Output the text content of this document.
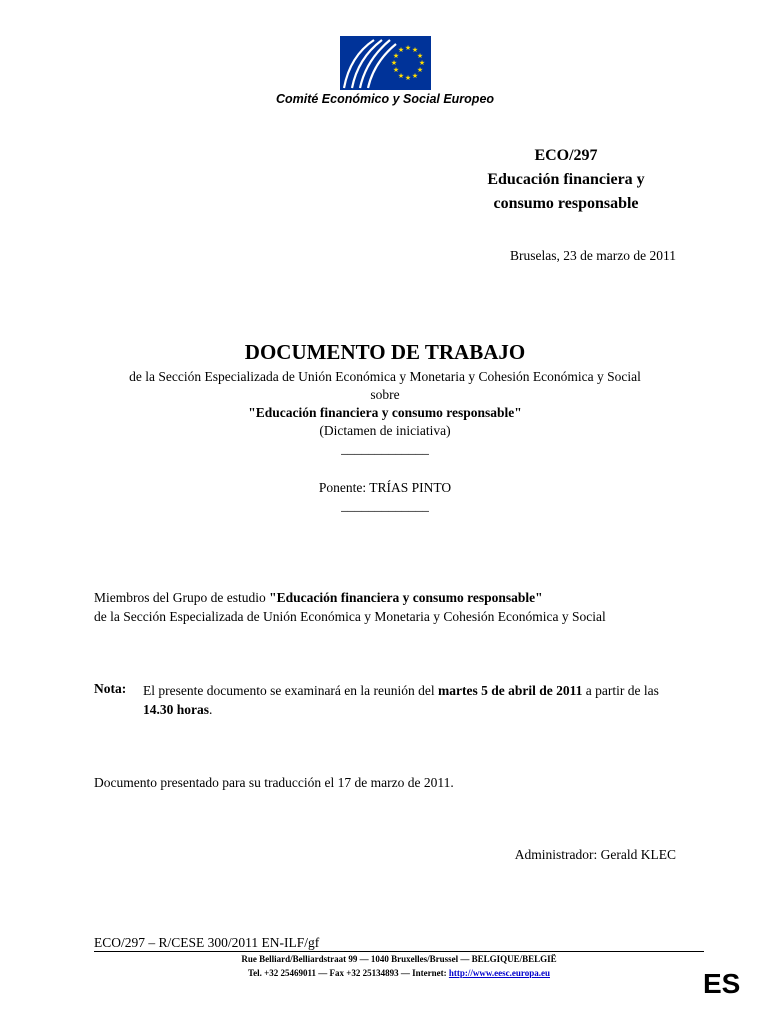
★ ★
★
★
★
★
★
★
★
★
★
★
Comité Económico y Social Europeo
ECO/297
Educación financiera y
consumo responsable
Bruselas, 23 de marzo de 2011
DOCUMENTO DE TRABAJO
de la Sección Especializada de Unión Económica y Monetaria y Cohesión Económica y Social
sobre
"Educación financiera y consumo responsable"
(Dictamen de iniciativa)
_____________
Ponente: TRÍAS PINTO
_____________
Miembros del Grupo de estudio "Educación financiera y consumo responsable"
de la Sección Especializada de Unión Económica y Monetaria y Cohesión Económica y Social
Nota: El presente documento se examinará en la reunión del martes 5 de abril de 2011 a partir de las 14.30 horas.
Documento presentado para su traducción el 17 de marzo de 2011.
Administrador: Gerald KLEC
ECO/297 – R/CESE 300/2011 EN-ILF/gf
Rue Belliard/Belliardstraat 99 — 1040 Bruxelles/Brussel — BELGIQUE/BELGIË
Tel. +32 25469011 — Fax +32 25134893 — Internet: http://www.eesc.europa.eu	ES
